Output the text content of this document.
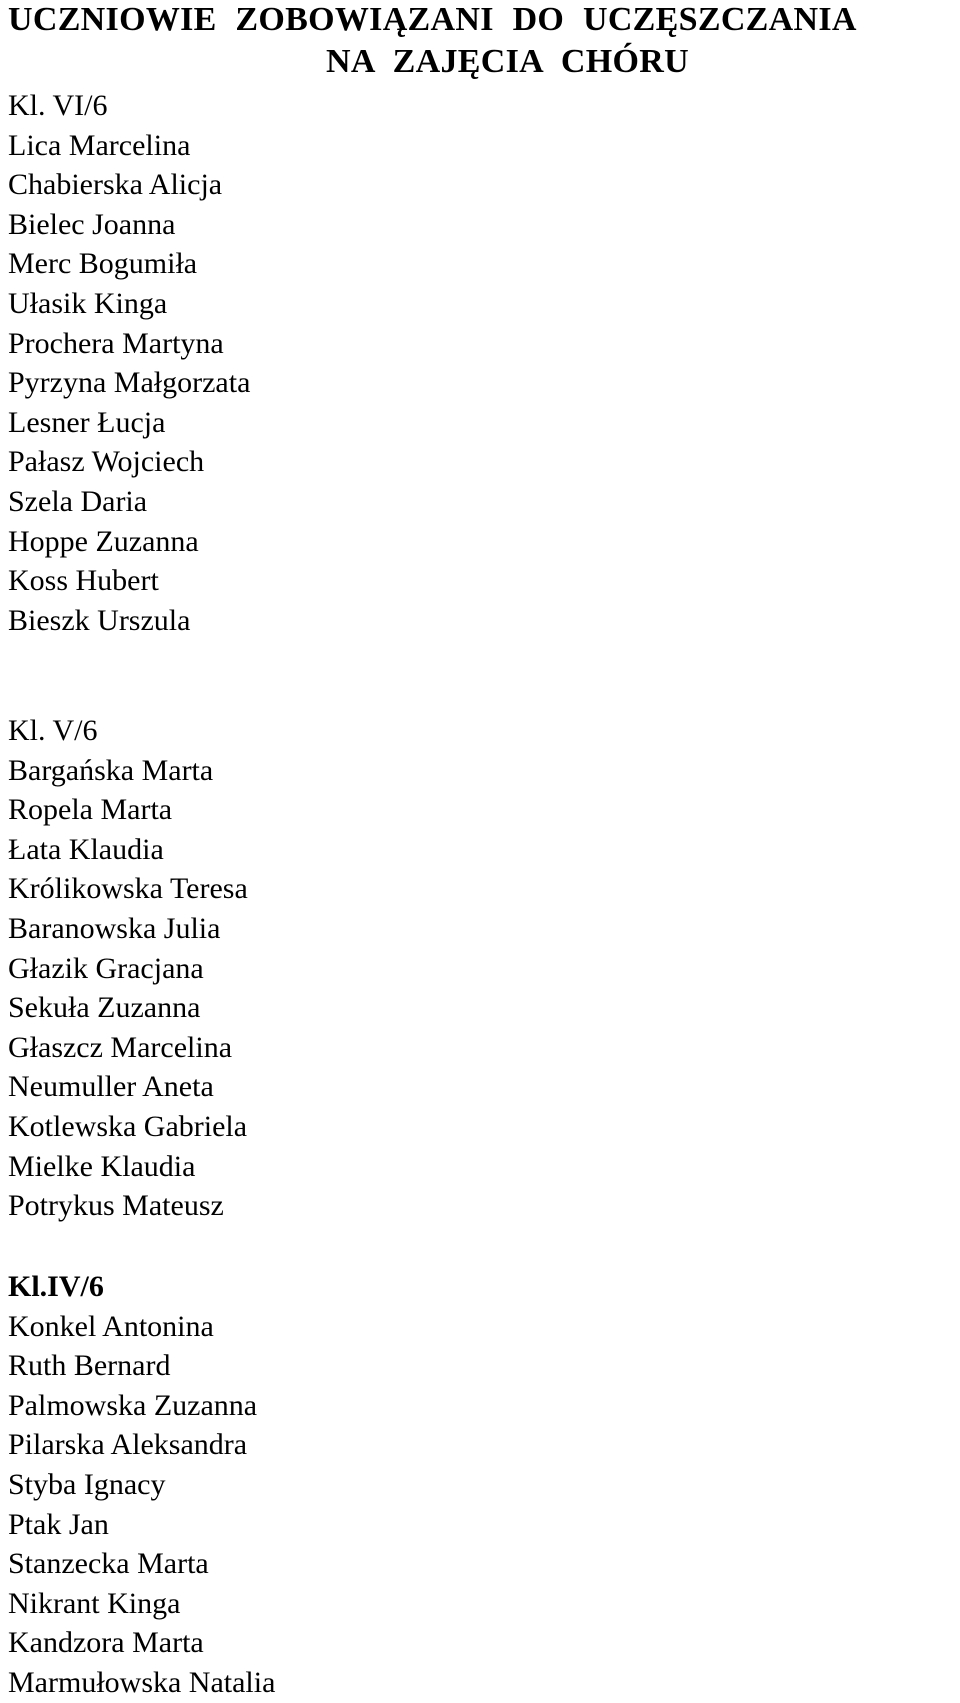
UCZNIOWIE ZOBOWIĄZANI DO UCZĘSZCZANIA
NA ZAJĘCIA CHÓRU
Kl. VI/6
Lica Marcelina
Chabierska Alicja
Bielec Joanna
Merc Bogumiła
Ułasik Kinga
Prochera Martyna
Pyrzyna Małgorzata
Lesner Łucja
Pałasz Wojciech
Szela Daria
Hoppe Zuzanna
Koss Hubert
Bieszk Urszula
Kl. V/6
Bargańska Marta
Ropela Marta
Łata Klaudia
Królikowska Teresa
Baranowska Julia
Głazik Gracjana
Sekuła Zuzanna
Głaszcz Marcelina
Neumuller Aneta
Kotlewska Gabriela
Mielke Klaudia
Potrykus Mateusz
Kl.IV/6
Konkel Antonina
Ruth Bernard
Palmowska Zuzanna
Pilarska Aleksandra
Styba Ignacy
Ptak Jan
Stanzecka Marta
Nikrant Kinga
Kandzora Marta
Marmułowska Natalia
